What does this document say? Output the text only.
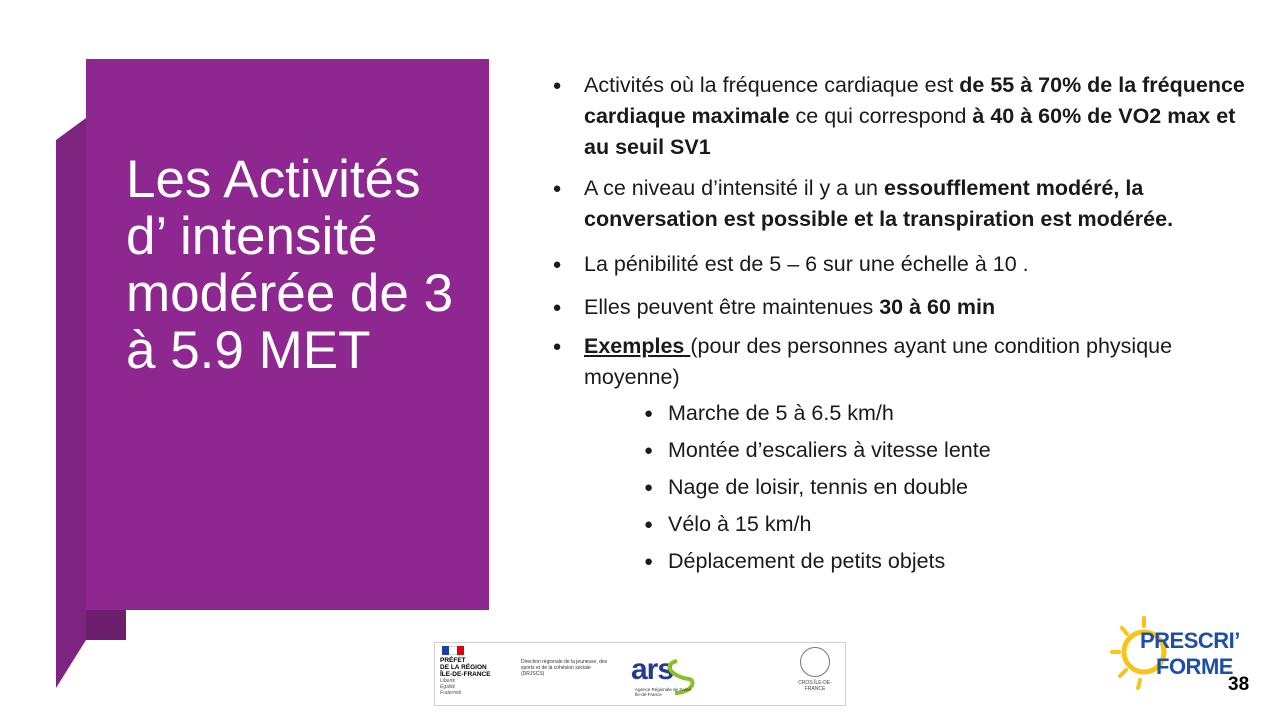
Les Activités d’ intensité modérée de 3 à 5.9 MET

● Activités où la fréquence cardiaque est de 55 à 70% de la fréquence cardiaque maximale ce qui correspond à 40 à 60% de VO2 max et au seuil SV1

● A ce niveau d’intensité il y a un essoufflement modéré, la conversation est possible et la transpiration est modérée.

● La pénibilité est de 5 – 6 sur une échelle à 10 .

● Elles peuvent être maintenues 30 à 60 min

● Exemples (pour des personnes ayant une condition physique moyenne)

● Marche de 5 à 6.5 km/h
● Montée d’escaliers à vitesse lente
● Nage de loisir, tennis en double
● Vélo à 15 km/h
● Déplacement de petits objets
PRÉFET
DE LA RÉGION
ÎLE-DE-FRANCE
Liberté
Égalité
Fraternité
Direction régionale de la jeunesse, des sports et de la cohésion sociale (DRJSCS)	ars
Agence Régionale de Santé Île-de-France
CROS ÎLE-DE-FRANCE
PRESCRI’
FORME
38
